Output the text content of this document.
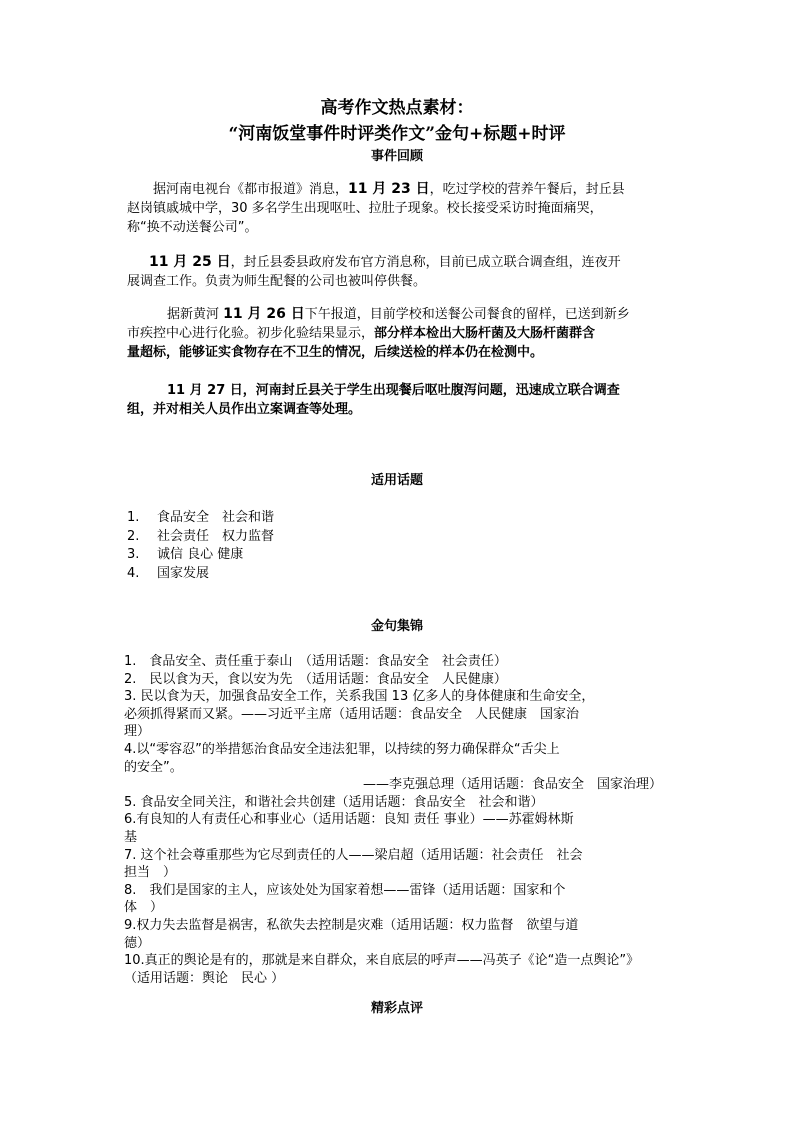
高考作文热点素材：
“河南饭堂事件时评类作文”金句+标题+时评
事件回顾
据河南电视台《都市报道》消息，11 月 23 日，吃过学校的营养午餐后，封丘县
赵岗镇戚城中学，30 多名学生出现呕吐、拉肚子现象。校长接受采访时掩面痛哭，
称“换不动送餐公司”。
11 月 25 日，封丘县委县政府发布官方消息称，目前已成立联合调查组，连夜开
展调查工作。负责为师生配餐的公司也被叫停供餐。
据新黄河 11 月 26 日下午报道，目前学校和送餐公司餐食的留样，已送到新乡
市疾控中心进行化验。初步化验结果显示，部分样本检出大肠杆菌及大肠杆菌群含
量超标，能够证实食物存在不卫生的情况，后续送检的样本仍在检测中。
11 月 27 日，河南封丘县关于学生出现餐后呕吐腹泻问题，迅速成立联合调查
组，并对相关人员作出立案调查等处理。
适用话题
1. 食品安全　社会和谐
2. 社会责任　权力监督
3. 诚信 良心 健康
4. 国家发展
金句集锦
1.　食品安全、责任重于泰山　（适用话题：食品安全　社会责任）
2.　民以食为天，食以安为先　（适用话题：食品安全　人民健康）
3. 民以食为天，加强食品安全工作，关系我国 13 亿多人的身体健康和生命安全，
必须抓得紧而又紧。——习近平主席（适用话题：食品安全　人民健康　国家治
理）
4.以“零容忍”的举措惩治食品安全违法犯罪，以持续的努力确保群众“舌尖上
的安全”。
——李克强总理（适用话题：食品安全　国家治理）
5. 食品安全同关注，和谐社会共创建（适用话题：食品安全　社会和谐）
6.有良知的人有责任心和事业心（适用话题：良知 责任 事业）——苏霍姆林斯
基
7. 这个社会尊重那些为它尽到责任的人——梁启超（适用话题：社会责任　社会
担当　）
8.　我们是国家的主人，应该处处为国家着想——雷锋（适用话题：国家和个
体　）
9.权力失去监督是祸害，私欲失去控制是灾难（适用话题：权力监督　欲望与道
德）
10.真正的舆论是有的，那就是来自群众，来自底层的呼声——冯英子《论“造一点舆论”》
（适用话题：舆论　民心 ）
精彩点评
